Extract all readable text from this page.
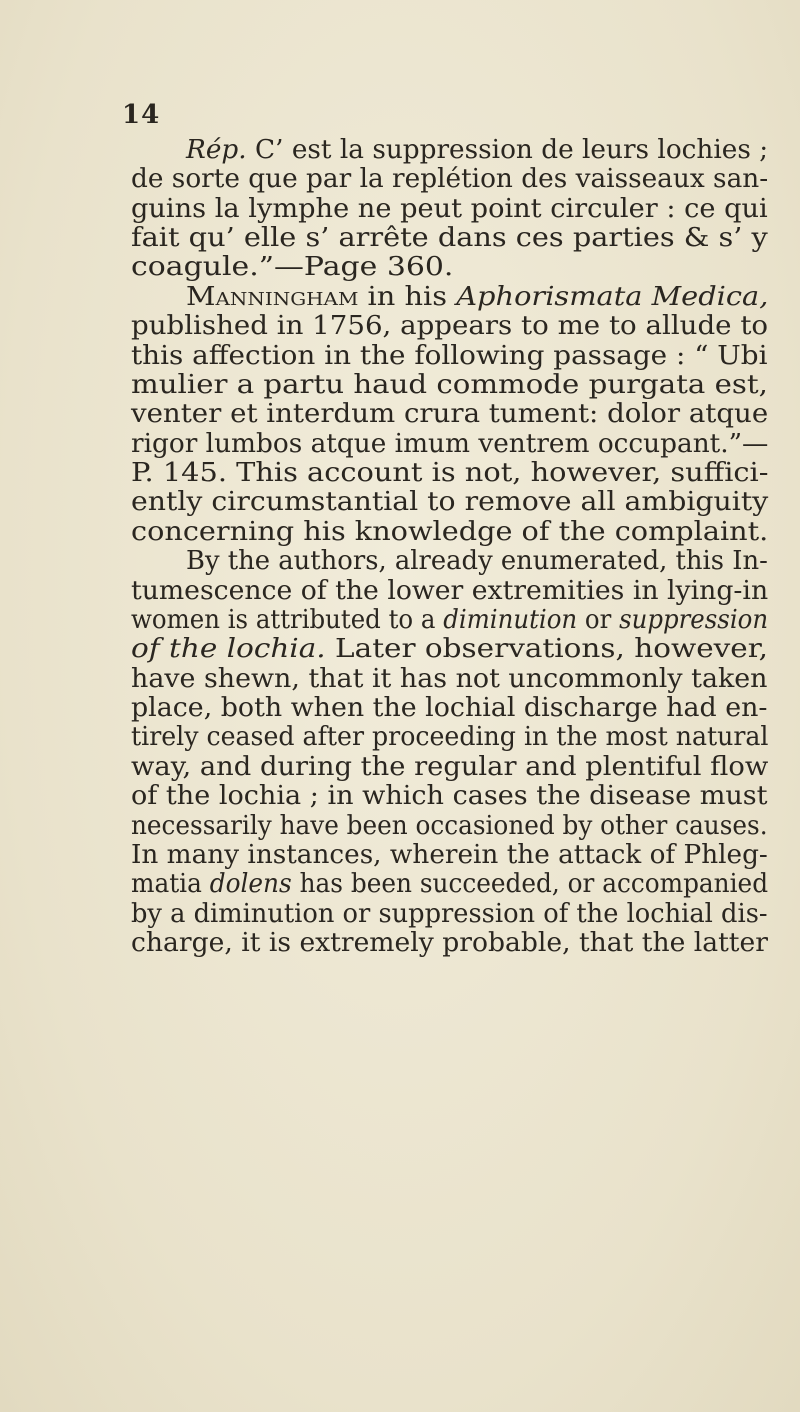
14
Rép. C’ est la suppression de leurs lochies ;
de sorte que par la replétion des vaisseaux san-
guins la lymphe ne peut point circuler : ce qui
fait qu’ elle s’ arrête dans ces parties & s’ y
coagule.”—Page 360.
Manningham in his Aphorismata Medica,
published in 1756, appears to me to allude to
this affection in the following passage : “ Ubi
mulier a partu haud commode purgata est,
venter et interdum crura tument: dolor atque
rigor lumbos atque imum ventrem occupant.”—
P. 145. This account is not, however, suffici-
ently circumstantial to remove all ambiguity
concerning his knowledge of the complaint.
By the authors, already enumerated, this In-
tumescence of the lower extremities in lying-in
women is attributed to a diminution or suppression
of the lochia. Later observations, however,
have shewn, that it has not uncommonly taken
place, both when the lochial discharge had en-
tirely ceased after proceeding in the most natural
way, and during the regular and plentiful flow
of the lochia ; in which cases the disease must
necessarily have been occasioned by other causes.
In many instances, wherein the attack of Phleg-
matia dolens has been succeeded, or accompanied
by a diminution or suppression of the lochial dis-
charge, it is extremely probable, that the latter
